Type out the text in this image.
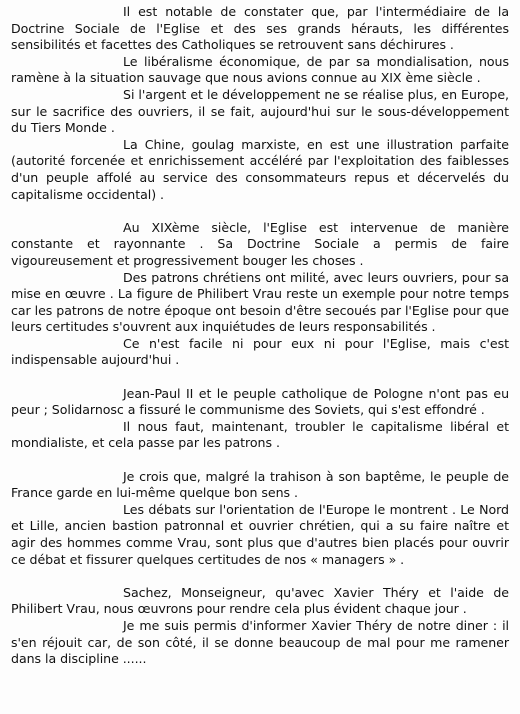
Il est notable de constater que, par l'intermédiaire de la Doctrine Sociale de l'Eglise et des ses grands hérauts, les différentes sensibilités et facettes des Catholiques se retrouvent sans déchirures .

Le libéralisme économique, de par sa mondialisation, nous ramène à la situation sauvage que nous avions connue au XIX ème siècle .

Si l'argent et le développement ne se réalise plus, en Europe, sur le sacrifice des ouvriers, il se fait, aujourd'hui sur le sous-développement du Tiers Monde .

La Chine, goulag marxiste, en est une illustration parfaite (autorité forcenée et enrichissement accéléré par l'exploitation des faiblesses d'un peuple affolé au service des consommateurs repus et décervelés du capitalisme occidental) .

Au XIXème siècle, l'Eglise est intervenue de manière constante et rayonnante . Sa Doctrine Sociale a permis de faire vigoureusement et progressivement bouger les choses .

Des patrons chrétiens ont milité, avec leurs ouvriers, pour sa mise en œuvre . La figure de Philibert Vrau reste un exemple pour notre temps car les patrons de notre époque ont besoin d'être secoués par l'Eglise pour que leurs certitudes s'ouvrent aux inquiétudes de leurs responsabilités .

Ce n'est facile ni pour eux ni pour l'Eglise, mais c'est indispensable aujourd'hui .

Jean-Paul II et le peuple catholique de Pologne n'ont pas eu peur ; Solidarnosc a fissuré le communisme des Soviets, qui s'est effondré .

Il nous faut, maintenant, troubler le capitalisme libéral et mondialiste, et cela passe par les patrons .

Je crois que, malgré la trahison à son baptême, le peuple de France garde en lui-même quelque bon sens .

Les débats sur l'orientation de l'Europe le montrent . Le Nord et Lille, ancien bastion patronnal et ouvrier chrétien, qui a su faire naître et agir des hommes comme Vrau, sont plus que d'autres bien placés pour ouvrir ce débat et fissurer quelques certitudes de nos « managers » .

Sachez, Monseigneur, qu'avec Xavier Théry et l'aide de Philibert Vrau, nous œuvrons pour rendre cela plus évident chaque jour .

Je me suis permis d'informer Xavier Théry de notre diner : il s'en réjouit car, de son côté, il se donne beaucoup de mal pour me ramener dans la discipline ......
